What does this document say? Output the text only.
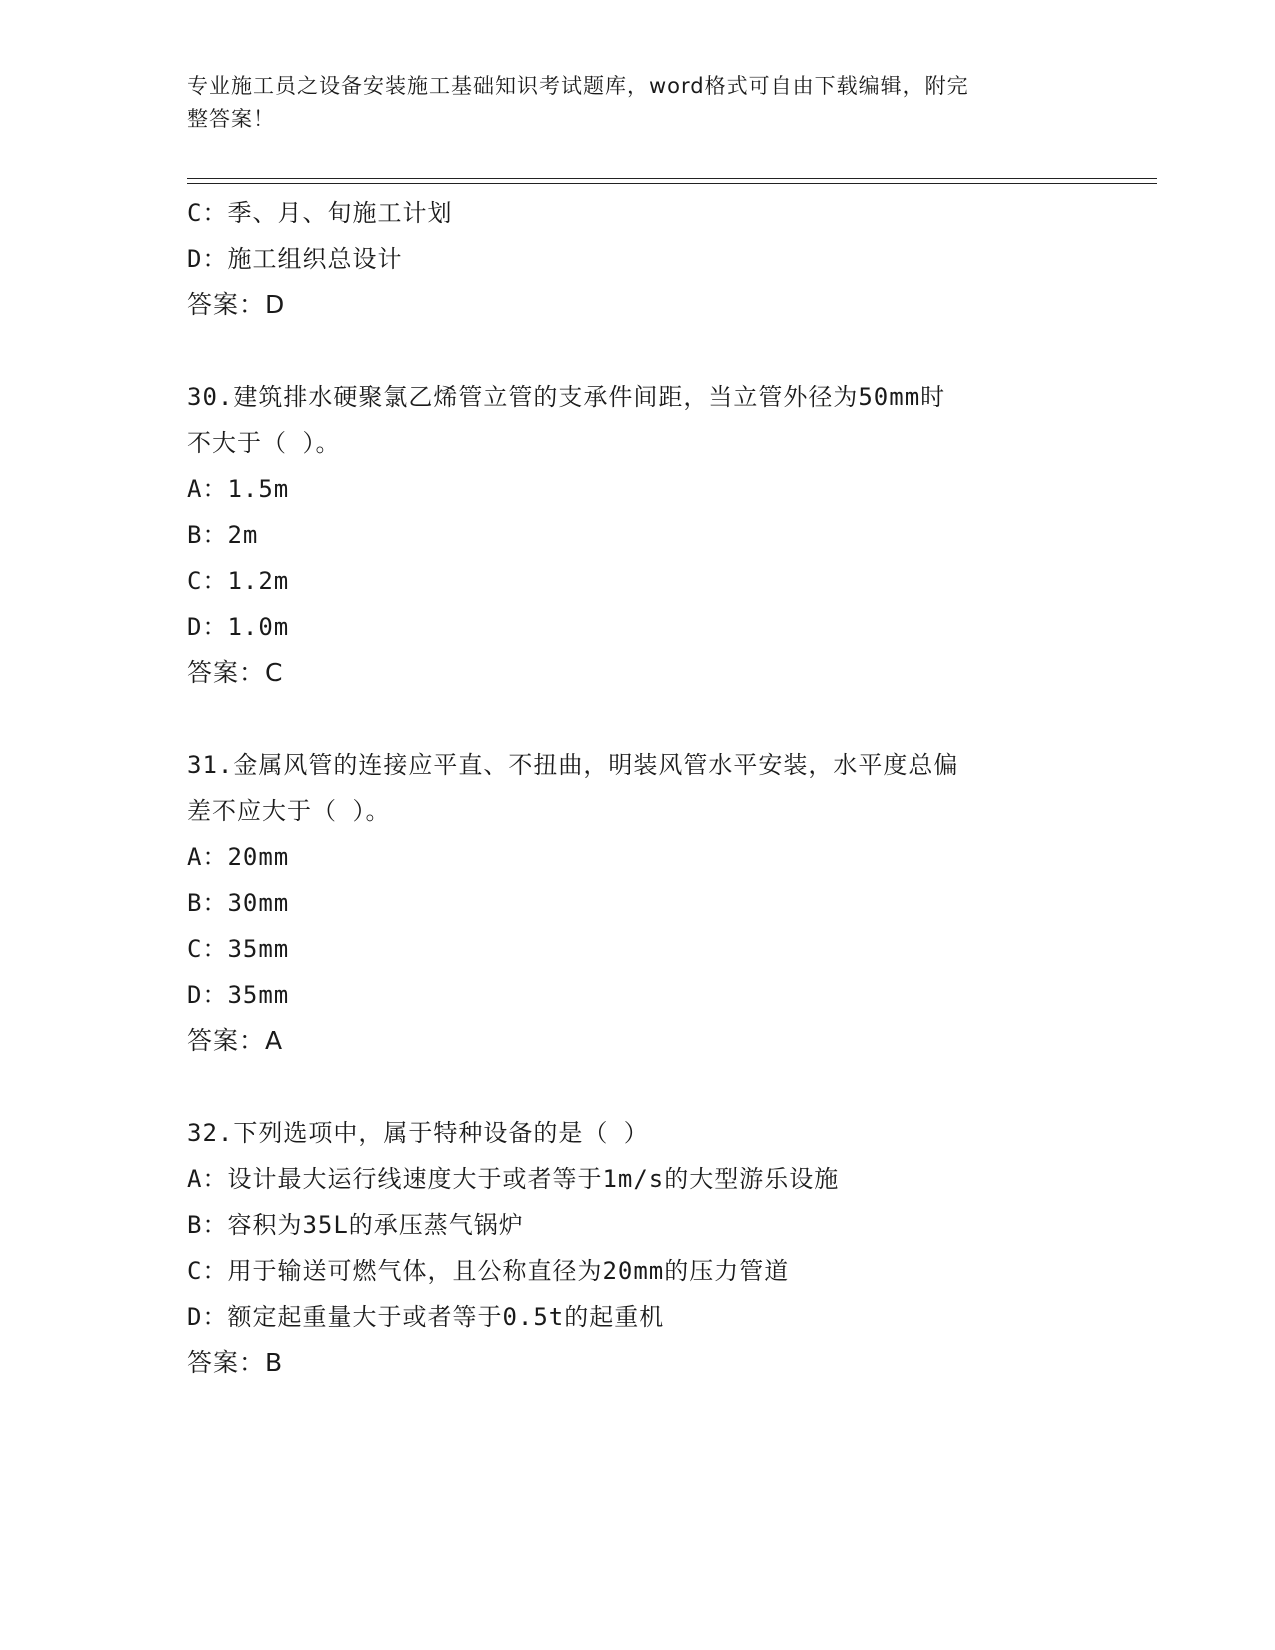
专业施工员之设备安装施工基础知识考试题库，word格式可自由下载编辑，附完
整答案！
C：季、月、旬施工计划
D：施工组织总设计
答案：D
30.建筑排水硬聚氯乙烯管立管的支承件间距，当立管外径为50mm时
不大于（ ）。
A：1.5m
B：2m
C：1.2m
D：1.0m
答案：C
31.金属风管的连接应平直、不扭曲，明装风管水平安装，水平度总偏
差不应大于（ ）。
A：20mm
B：30mm
C：35mm
D：35mm
答案：A
32.下列选项中，属于特种设备的是（ ）
A：设计最大运行线速度大于或者等于1m/s的大型游乐设施
B：容积为35L的承压蒸气锅炉
C：用于输送可燃气体，且公称直径为20mm的压力管道
D：额定起重量大于或者等于0.5t的起重机
答案：B
